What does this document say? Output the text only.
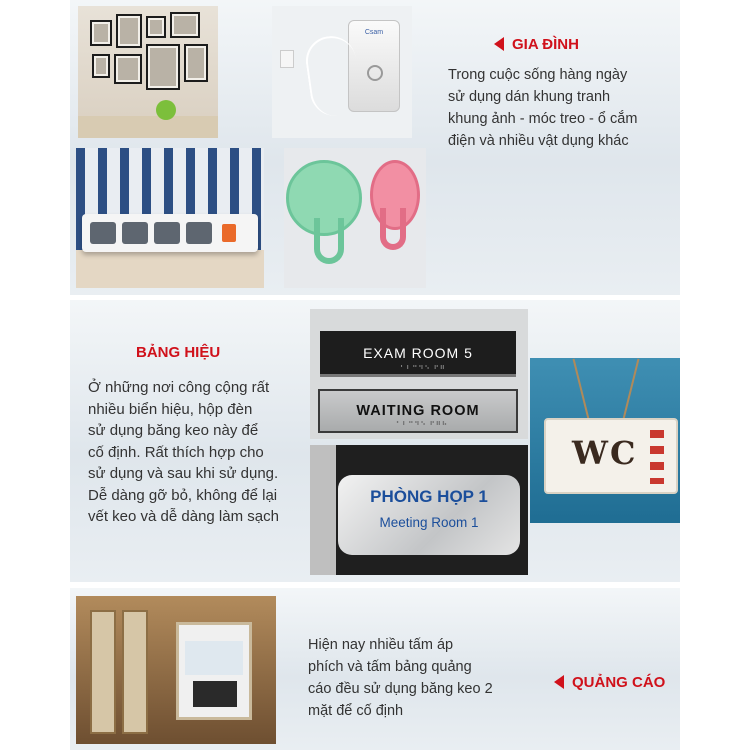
Csam
GIA ĐÌNH
Trong cuộc sống hàng ngày
sử dụng dán khung tranh
khung ảnh - móc treo - ổ cắm
điện và nhiều vật dụng khác
BẢNG HIỆU
Ở những nơi công cộng rất
nhiều biển hiệu, hộp đèn
sử dụng băng keo này để
cố định. Rất thích hợp cho
sử dụng và sau khi sử dụng.
Dễ dàng gỡ bỏ, không để lại
vết keo và dễ dàng làm sạch
EXAM ROOM 5
⠁⠃⠉⠙⠑ ⠋⠛
WAITING ROOM
⠁⠃⠉⠙⠑ ⠋⠛⠓
PHÒNG HỌP 1
Meeting Room 1
WC
Hiện nay nhiều tấm áp
phích và tấm bảng quảng
cáo đều sử dụng băng keo 2
mặt để cố định
QUẢNG CÁO
